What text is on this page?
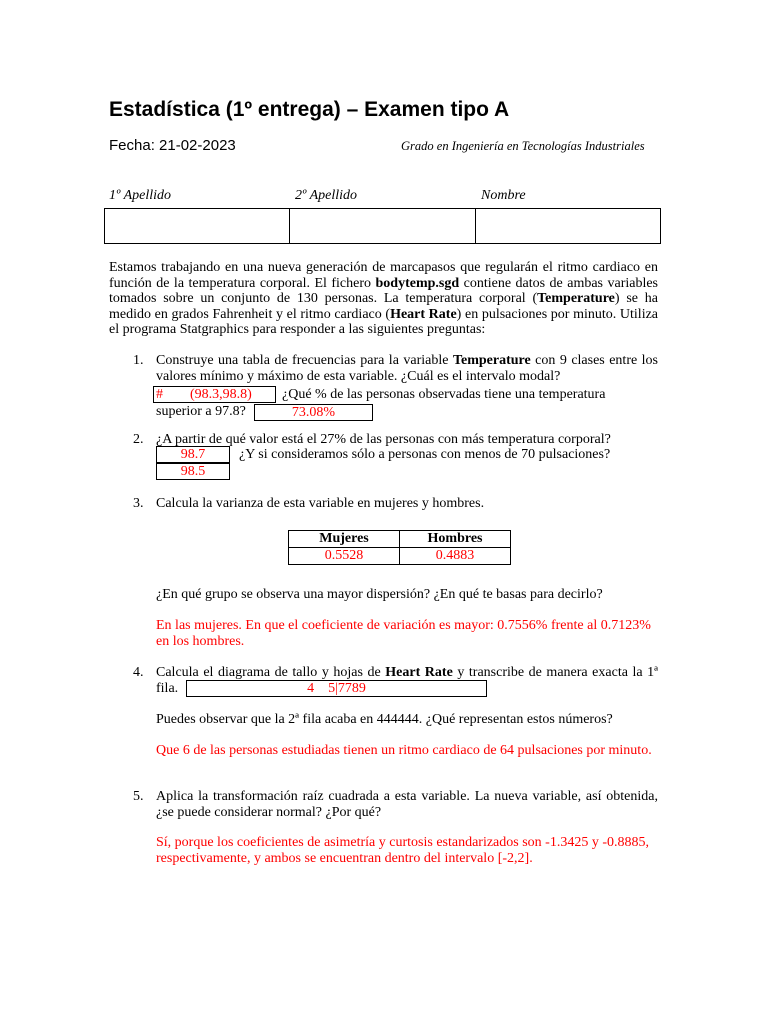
Estadística (1º entrega) – Examen tipo A
Fecha: 21-02-2023	Grado en Ingeniería en Tecnologías Industriales
1º Apellido	2º Apellido	Nombre
Estamos trabajando en una nueva generación de marcapasos que regularán el ritmo cardiaco en función de la temperatura corporal. El fichero bodytemp.sgd contiene datos de ambas variables tomados sobre un conjunto de 130 personas. La temperatura corporal (Temperature) se ha medido en grados Fahrenheit y el ritmo cardiaco (Heart Rate) en pulsaciones por minuto. Utiliza el programa Statgraphics para responder a las siguientes preguntas:
1. Construye una tabla de frecuencias para la variable Temperature con 9 clases entre los valores mínimo y máximo de esta variable. ¿Cuál es el intervalo modal?
# (98.3,98.8) ¿Qué % de las personas observadas tiene una temperatura
superior a 97.8?	73.08%
2. ¿A partir de qué valor está el 27% de las personas con más temperatura corporal?
98.7	¿Y si consideramos sólo a personas con menos de 70 pulsaciones?
98.5
3. Calcula la varianza de esta variable en mujeres y hombres.
Mujeres	Hombres
0.5528	0.4883
¿En qué grupo se observa una mayor dispersión? ¿En qué te basas para decirlo?
En las mujeres. En que el coeficiente de variación es mayor: 0.7556% frente al 0.7123% en los hombres.
4. Calcula el diagrama de tallo y hojas de Heart Rate y transcribe de manera exacta la 1ª fila.	4    5|7789
Puedes observar que la 2ª fila acaba en 444444. ¿Qué representan estos números?
Que 6 de las personas estudiadas tienen un ritmo cardiaco de 64 pulsaciones por minuto.
5. Aplica la transformación raíz cuadrada a esta variable. La nueva variable, así obtenida, ¿se puede considerar normal? ¿Por qué?
Sí, porque los coeficientes de asimetría y curtosis estandarizados son -1.3425 y -0.8885, respectivamente, y ambos se encuentran dentro del intervalo [-2,2].
